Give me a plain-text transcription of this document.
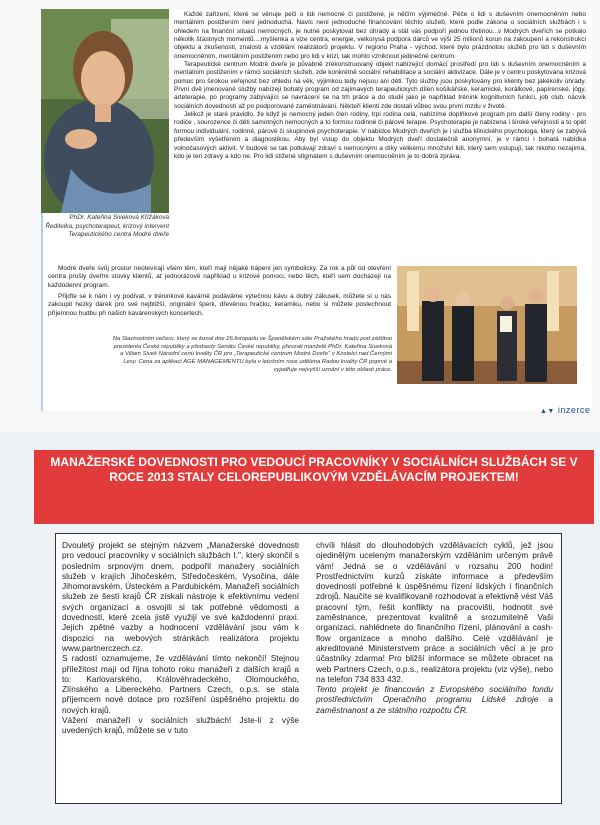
PhDr. Kateřina Siveková Křížáková Ředitelka, psychoterapeut, krizový intervent Terapeutického centra Modré dveře

Každé zařízení, které se věnuje péči o lidi nemocné či postižené, je něčím výjimečné. Péče o lidi s duševním onemocněním nebo mentálním postižením není jednoduchá. Navíc není jednoduché financování těchto služeb, které podle zákona o sociálních službách i s ohledem na finanční situaci nemocných, je nutné poskytovat bez úhrady a stát vás podpoří jednou třetinou...v Modrých dveřích se potkalo několik šťastných momentů....myšlenka a vize centra, energie, velkorysá podpora dárců ve výši 25 milionů korun na zakoupení a rekonstrukci objektu a zkušenosti, znalosti a vzdělání realizátorů projektu. V regionu Praha - východ, které bylo prázdnotou služeb pro lidi s duševním onemocněním, mentálním postižením nebo pro lidi v krizi, tak mohlo vzniknout jedinečné centrum.

Terapeutické centrum Modré dveře je půvabně zrekonstruovaný objekt nabízející domácí prostředí pro lidi s duševním onemocněním a mentálním postižením v rámci sociálních služeb, zde konkrétně sociální rehabilitace a sociální aktivizace. Dále je v centru poskytována krizová pomoc pro širokou veřejnost bez ohledu na věk, výjimkou tedy nejsou ani děti. Tyto služby jsou poskytovány pro klienty bez jakékoliv úhrady. První dvě jmenované služby nabízejí bohatý program od zajímavých terapeutických dílen košíkářské, keramické, korálkové, papírenské, jógy, arteterapie, po programy zabývající se navrácení se na trh práce a do studií jako je například trénink kognitivních funkcí, job club, nácvik sociálních dovedností až po podporované zaměstnávání. Někteří klienti zde dostali vůbec svou první mzdu v životě.

Jelikož je staré pravidlo, že když je nemocný jeden člen rodiny, trpí rodina celá, nabízíme doplňkové program pro další členy rodiny - pro rodiče , sourozence či děti samotných nemocných a to formou rodinné či párové terapie. Psychoterapie je nabízena i široké veřejnosti a to opět formou individuální, rodinné, párové či skupinové psychoterapie. V nabídce Modrých dveřích je i služba klinického psychologa, který se zabývá především vyšetřením a diagnostikou. Aby byl vstup do objektu Modrých dveří dostatečně anonymní, je v rámci i bohatá nabídka volnočasových aktivit. V budově se tak potkávají zdraví s nemocnými a díky velikému množství lidí, který sem vstupují, tak nikoho nezajímá, kdo je ten zdravý a kdo ne. Pro lidi stižené stigmatem s duševním onemocněním je to dobrá zpráva.

Modré dveře svůj prostor neotevírají všem těm, kteří mají nějaké trápení jen symbolicky. Za rok a půl od otevření centra prošly dveřmi stovky klientů, ať jednorázově například u krizové pomoci, nebo těch, kteří sem docházejí na každodenní program.

Přijďte se k nám i vy podívat, v tréninkové kavárně podáváme výtečnou kávu a dobrý zákusek, můžete si u nás zakoupit hezký dárek pro své nejbližší, originální šperk, dřevěnou hračku, keramiku, nebo si můžete poslechnout příjemnou hudbu při našich kavárenských koncertech.

Na Slavnostním večeru, který se konal dne 26.listopadu ve Španělském sále Pražského hradu pod záštitou prezidenta České republiky a předsedy Senátu České republiky, převzali manželé PhDr. Kateřina Siveková a Viliam Sivek Národní cenu kvality ČR pro „Terapeutické centrum Modré Dveře" v Kostelci nad Černými Lesy. Cena za aplikaci AGE MANAGEMENTU byla v letošním roce udělena Radou kvality ČR poprvé a vyjadřuje nejvyšší uznání v této oblasti práce.
▲▼ inzerce
MANAŽERSKÉ DOVEDNOSTI PRO VEDOUCÍ PRACOVNÍKY V SOCIÁLNÍCH SLUŽBÁCH SE V ROCE 2013 STALY CELOREPUBLIKOVÝM VZDĚLÁVACÍM PROJEKTEM!

Dvouletý projekt se stejným názvem „Manažerské dovednosti pro vedoucí pracovníky v sociálních službách I.", který skončil s posledním srpnovým dnem, podpořil manažery sociálních služeb v krajích Jihočeském, Středočeském, Vysočina, dále Jihomoravském, Ústeckém a Pardubickém. Manažeři sociálních služeb ze šesti krajů ČR získali nástroje k efektivnímu vedení svých organizací a osvojili si tak potřebné vědomosti a dovednosti, které zcela jistě využijí ve své každodenní praxi. Jejich zpětné vazby a hodnocení vzdělávání jsou vám k dispozici na webových stránkách realizátora projektu www.partnerczech.cz.

S radostí oznamujeme, že vzdělávání tímto nekončí! Stejnou příležitost mají od října tohoto roku manažeři z dalších krajů a to: Karlovarského, Královéhradeckého, Olomouckého, Zlínského a Libereckého. Partners Czech, o.p.s. se stala příjemcem nové dotace pro rozšíření úspěšného projektu do nových krajů.

Vážení manažeři v sociálních službách! Jste-li z výše uvedených krajů, můžete se v tuto

chvíli hlásit do dlouhodobých vzdělávacích cyklů, jež jsou ojedinělým uceleným manažerským vzděláním určeným právě vám! Jedná se o vzdělávání v rozsahu 200 hodin! Prostřednictvím kurzů získáte informace a především dovednosti potřebné k úspěšnému řízení lidských i finančních zdrojů. Naučíte se kvalifikovaně rozhodovat a efektivně vést Váš pracovní tým, řešit konflikty na pracovišti, hodnotit své zaměstnance, prezentovat kvalitně a srozumitelně Vaši organizaci, nahlédnete do finančního řízení, plánování a cash-flow organizace a mnoho dalšího. Celé vzdělávání je akreditované Ministerstvem práce a sociálních věcí a je pro účastníky zdarma! Pro bližší informace se můžete obracet na web Partners Czech, o.p.s., realizátora projektu (viz výše), nebo na telefon 734 833 432.

Tento projekt je financován z Evropského sociálního fondu prostřednictvím Operačního programu Lidské zdroje a zaměstnanost a ze státního rozpočtu ČR.
